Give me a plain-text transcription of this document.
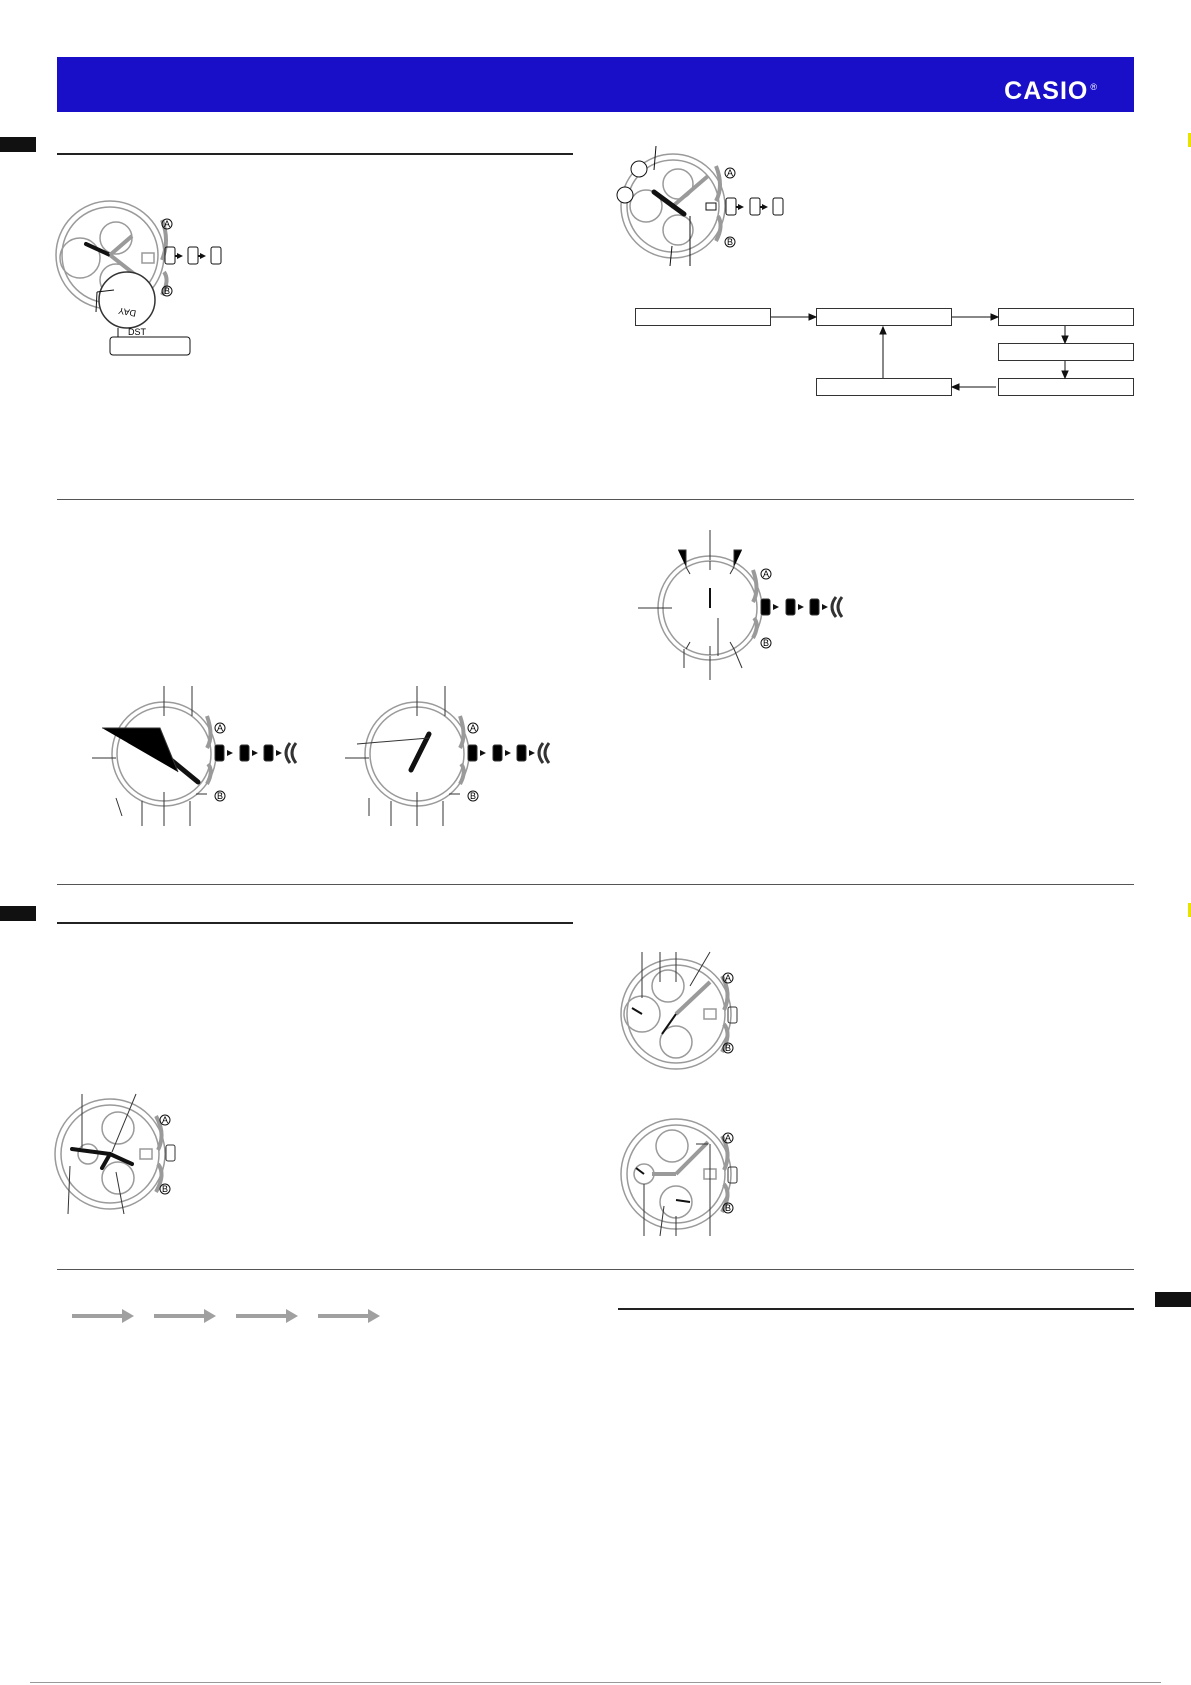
CASIO ®
DAY
DST
A
B
A
B
A
B
A
B
A
B
A
B
A
B
A
B
